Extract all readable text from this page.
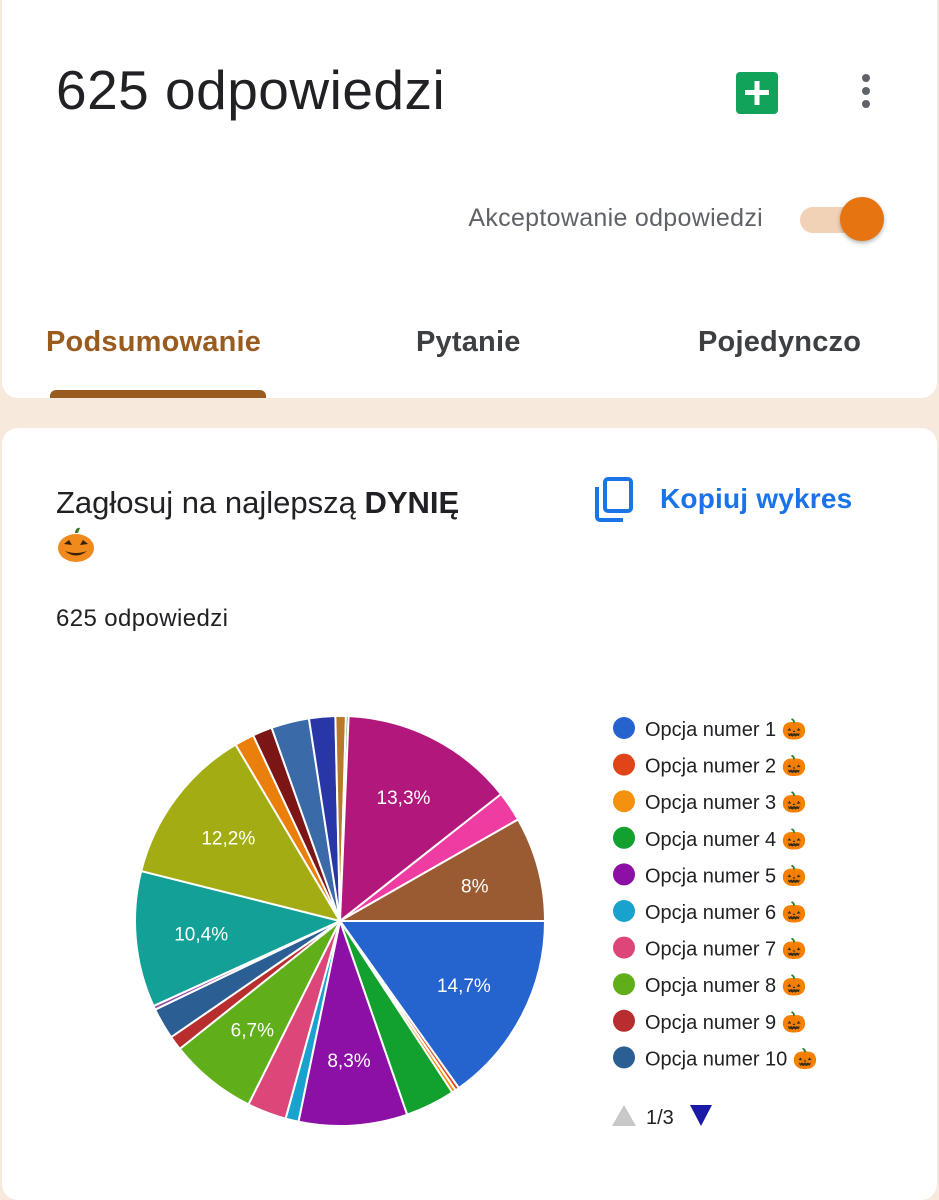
625 odpowiedzi
Akceptowanie odpowiedzi
Podsumowanie	Pytanie	Pojedynczo
Zagłosuj na najlepszą DYNIĘ	Kopiuj wykres
625 odpowiedzi
14,7%
8,3%
6,7%
10,4%
12,2%
13,3%
8%
Opcja numer 1 🎃
Opcja numer 2 🎃
Opcja numer 3 🎃
Opcja numer 4 🎃
Opcja numer 5 🎃
Opcja numer 6 🎃
Opcja numer 7 🎃
Opcja numer 8 🎃
Opcja numer 9 🎃
Opcja numer 10 🎃
1/3
